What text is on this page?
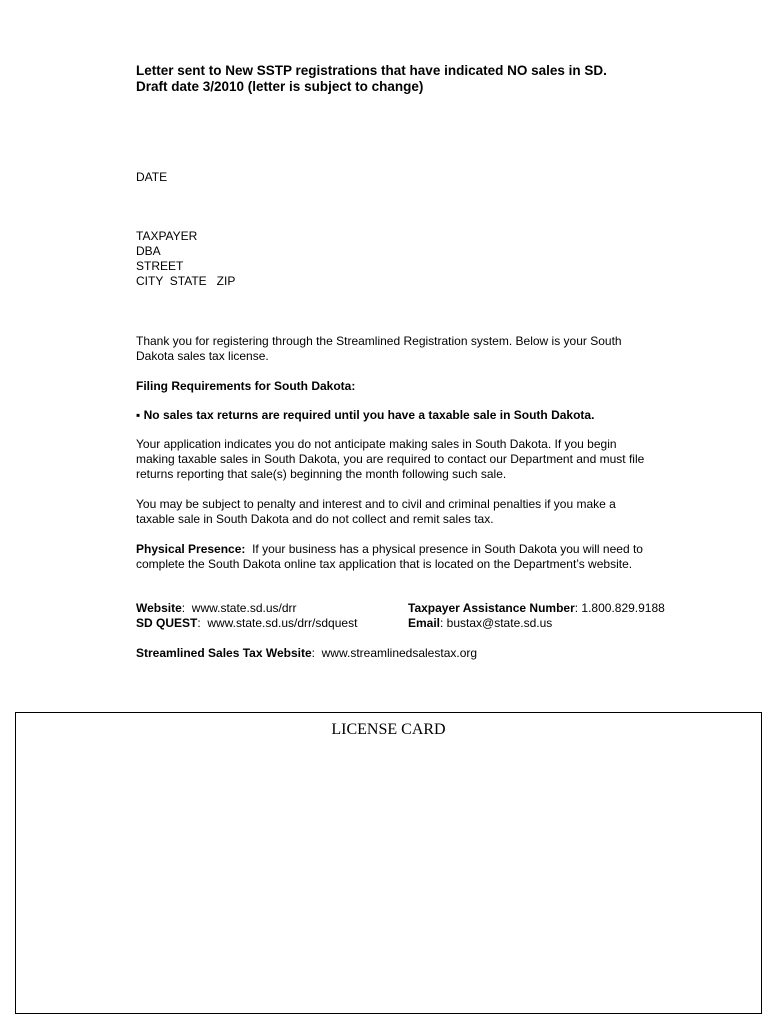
Letter sent to New SSTP registrations that have indicated NO sales in SD.
Draft date 3/2010 (letter is subject to change)
DATE
TAXPAYER
DBA
STREET
CITY  STATE   ZIP
Thank you for registering through the Streamlined Registration system. Below is your South
Dakota sales tax license.
Filing Requirements for South Dakota:
▪ No sales tax returns are required until you have a taxable sale in South Dakota.
Your application indicates you do not anticipate making sales in South Dakota. If you begin
making taxable sales in South Dakota, you are required to contact our Department and must file
returns reporting that sale(s) beginning the month following such sale.
You may be subject to penalty and interest and to civil and criminal penalties if you make a
taxable sale in South Dakota and do not collect and remit sales tax.
Physical Presence:  If your business has a physical presence in South Dakota you will need to
complete the South Dakota online tax application that is located on the Department’s website.
Website:  www.state.sd.us/drr
SD QUEST:  www.state.sd.us/drr/sdquest
Taxpayer Assistance Number: 1.800.829.9188
Email: bustax@state.sd.us
Streamlined Sales Tax Website:  www.streamlinedsalestax.org
LICENSE CARD
